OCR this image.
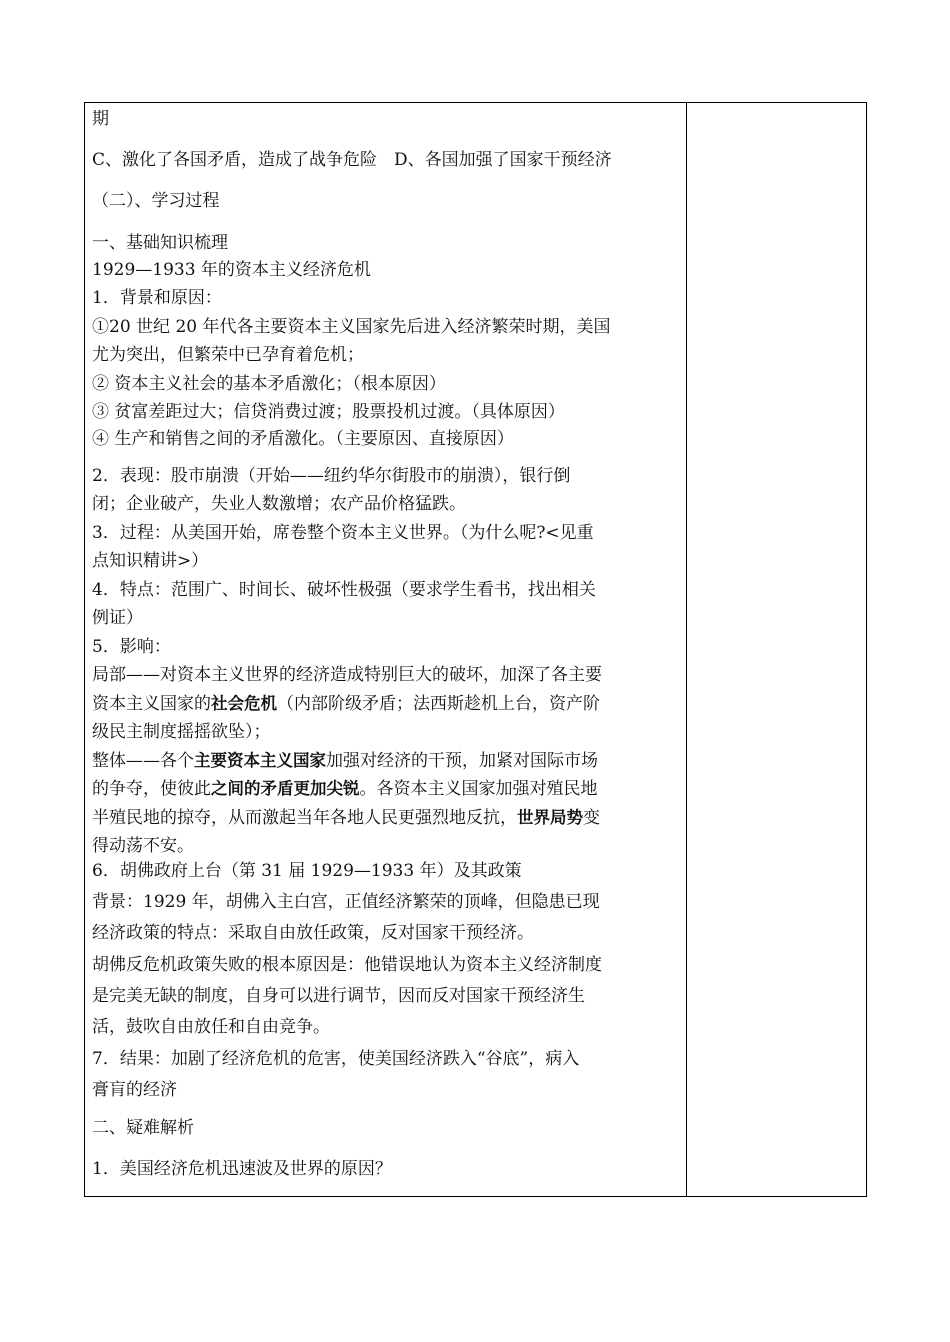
期
C、激化了各国矛盾，造成了战争危险　D、各国加强了国家干预经济
（二）、学习过程
一、基础知识梳理
1929—1933 年的资本主义经济危机
1．背景和原因：
①20 世纪 20 年代各主要资本主义国家先后进入经济繁荣时期，美国
尤为突出，但繁荣中已孕育着危机；
② 资本主义社会的基本矛盾激化；（根本原因）
③ 贫富差距过大；信贷消费过渡；股票投机过渡。（具体原因）
④ 生产和销售之间的矛盾激化。（主要原因、直接原因）
2．表现：股市崩溃（开始——纽约华尔街股市的崩溃），银行倒
闭；企业破产，失业人数激增；农产品价格猛跌。
3．过程：从美国开始，席卷整个资本主义世界。（为什么呢?<见重
点知识精讲>）
4．特点：范围广、时间长、破坏性极强（要求学生看书，找出相关
例证）
5．影响：
局部——对资本主义世界的经济造成特别巨大的破坏，加深了各主要
资本主义国家的社会危机（内部阶级矛盾；法西斯趁机上台，资产阶
级民主制度摇摇欲坠）；
整体——各个主要资本主义国家加强对经济的干预，加紧对国际市场
的争夺，使彼此之间的矛盾更加尖锐。各资本主义国家加强对殖民地
半殖民地的掠夺，从而激起当年各地人民更强烈地反抗，世界局势变
得动荡不安。
6．胡佛政府上台（第 31 届 1929—1933 年）及其政策
背景：1929 年，胡佛入主白宫，正值经济繁荣的顶峰，但隐患已现
经济政策的特点：采取自由放任政策，反对国家干预经济。
胡佛反危机政策失败的根本原因是：他错误地认为资本主义经济制度
是完美无缺的制度，自身可以进行调节，因而反对国家干预经济生
活，鼓吹自由放任和自由竞争。
7．结果：加剧了经济危机的危害，使美国经济跌入“谷底”，病入
膏肓的经济
二、疑难解析
1．美国经济危机迅速波及世界的原因？
